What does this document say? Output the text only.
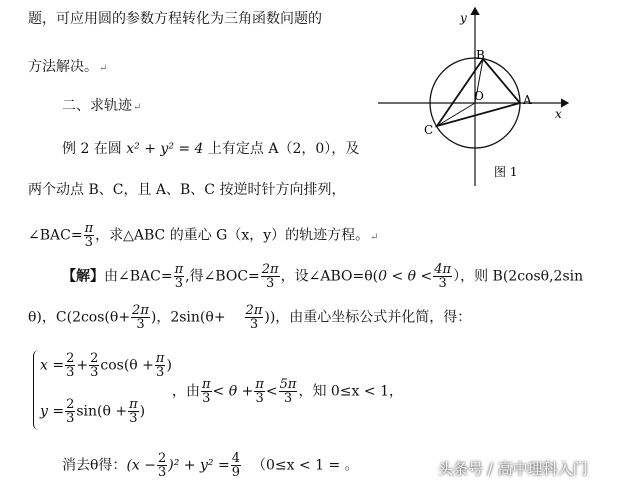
题，可应用圆的参数方程转化为三角函数问题的
方法解决。↵
二、求轨迹↵
例 2 在圆 x² + y² = 4 上有定点 A（2，0），及
两个动点 B、C，且 A、B、C 按逆时针方向排列，
∠BAC= $\frac{\pi}{3}$ ，求△ABC 的重心 G（x，y）的轨迹方程。↵
【解】由∠BAC= $\frac{\pi}{3}$ ,得∠BOC= $\frac{2\pi}{3}$ ，设∠ABO=θ(0 < $\theta < \frac{4\pi}{3}$ ），则 B(2cosθ,2sin
θ)，$C(2\cos(\theta+ \frac{2\pi}{3}$ )，$2\sin(\theta+ \frac{2\pi}{3}$ ))，由重心坐标公式并化简，得：
$x = \frac{2}{3} + \frac{2}{3} \cos(\theta + \frac{\pi}{3}$ )
$y = \frac{2}{3} \sin(\theta + \frac{\pi}{3}$ )
，由 $\frac{\pi}{3} < \theta + \frac{\pi}{3} < \frac{5\pi}{3}$ ，知 0≤x < 1，
消去θ得：$(x - \frac{2}{3} )^2 + y^2 = \frac{4}{9} (0\le x < 1$ = 。
y
x
A
B
C
O
图 1
头条号 / 高中理科入门
